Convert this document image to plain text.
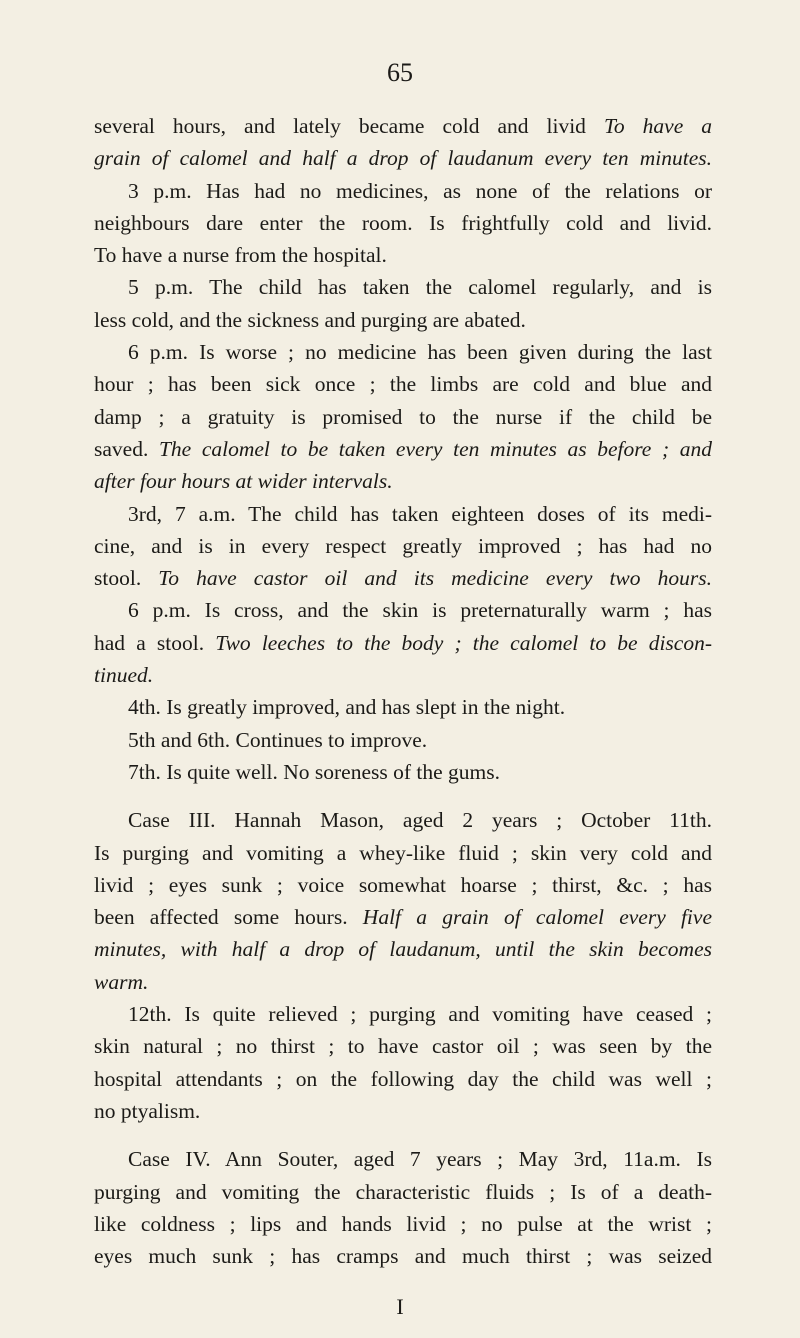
65
several hours, and lately became cold and livid To have a
grain of calomel and half a drop of laudanum every ten minutes.
3 p.m. Has had no medicines, as none of the relations or
neighbours dare enter the room. Is frightfully cold and livid.
To have a nurse from the hospital.
5 p.m. The child has taken the calomel regularly, and is
less cold, and the sickness and purging are abated.
6 p.m. Is worse ; no medicine has been given during the last
hour ; has been sick once ; the limbs are cold and blue and
damp ; a gratuity is promised to the nurse if the child be
saved. The calomel to be taken every ten minutes as before ; and
after four hours at wider intervals.
3rd, 7 a.m. The child has taken eighteen doses of its medi-
cine, and is in every respect greatly improved ; has had no
stool. To have castor oil and its medicine every two hours.
6 p.m. Is cross, and the skin is preternaturally warm ; has
had a stool. Two leeches to the body ; the calomel to be discon-
tinued.
4th. Is greatly improved, and has slept in the night.
5th and 6th. Continues to improve.
7th. Is quite well. No soreness of the gums.
Case III. Hannah Mason, aged 2 years ; October 11th.
Is purging and vomiting a whey-like fluid ; skin very cold and
livid ; eyes sunk ; voice somewhat hoarse ; thirst, &c. ; has
been affected some hours. Half a grain of calomel every five
minutes, with half a drop of laudanum, until the skin becomes
warm.
12th. Is quite relieved ; purging and vomiting have ceased ;
skin natural ; no thirst ; to have castor oil ; was seen by the
hospital attendants ; on the following day the child was well ;
no ptyalism.
Case IV. Ann Souter, aged 7 years ; May 3rd, 11a.m. Is
purging and vomiting the characteristic fluids ; Is of a death-
like coldness ; lips and hands livid ; no pulse at the wrist ;
eyes much sunk ; has cramps and much thirst ; was seized
I
